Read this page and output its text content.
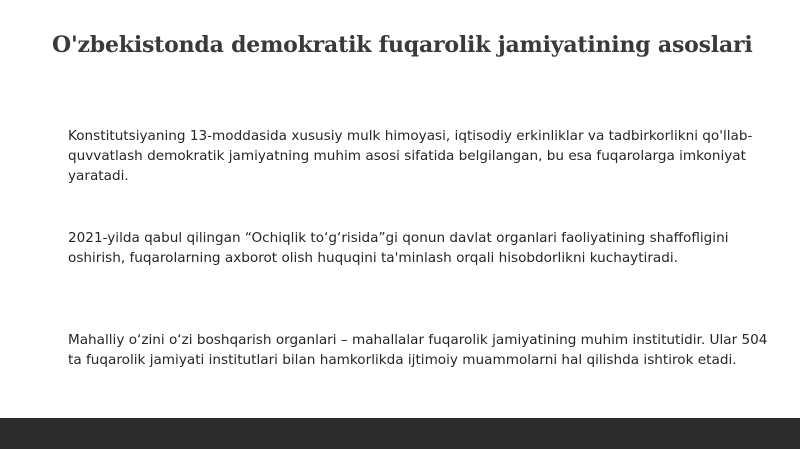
O'zbekistonda demokratik fuqarolik jamiyatining asoslari

Konstitutsiyaning 13-moddasida xususiy mulk himoyasi, iqtisodiy erkinliklar va tadbirkorlikni qo'llab-quvvatlash demokratik jamiyatning muhim asosi sifatida belgilangan, bu esa fuqarolarga imkoniyat yaratadi.

2021-yilda qabul qilingan “Ochiqlik to‘g‘risida”gi qonun davlat organlari faoliyatining shaffofligini oshirish, fuqarolarning axborot olish huquqini ta'minlash orqali hisobdorlikni kuchaytiradi.

Mahalliy o‘zini o‘zi boshqarish organlari – mahallalar fuqarolik jamiyatining muhim institutidir. Ular 504 ta fuqarolik jamiyati institutlari bilan hamkorlikda ijtimoiy muammolarni hal qilishda ishtirok etadi.
